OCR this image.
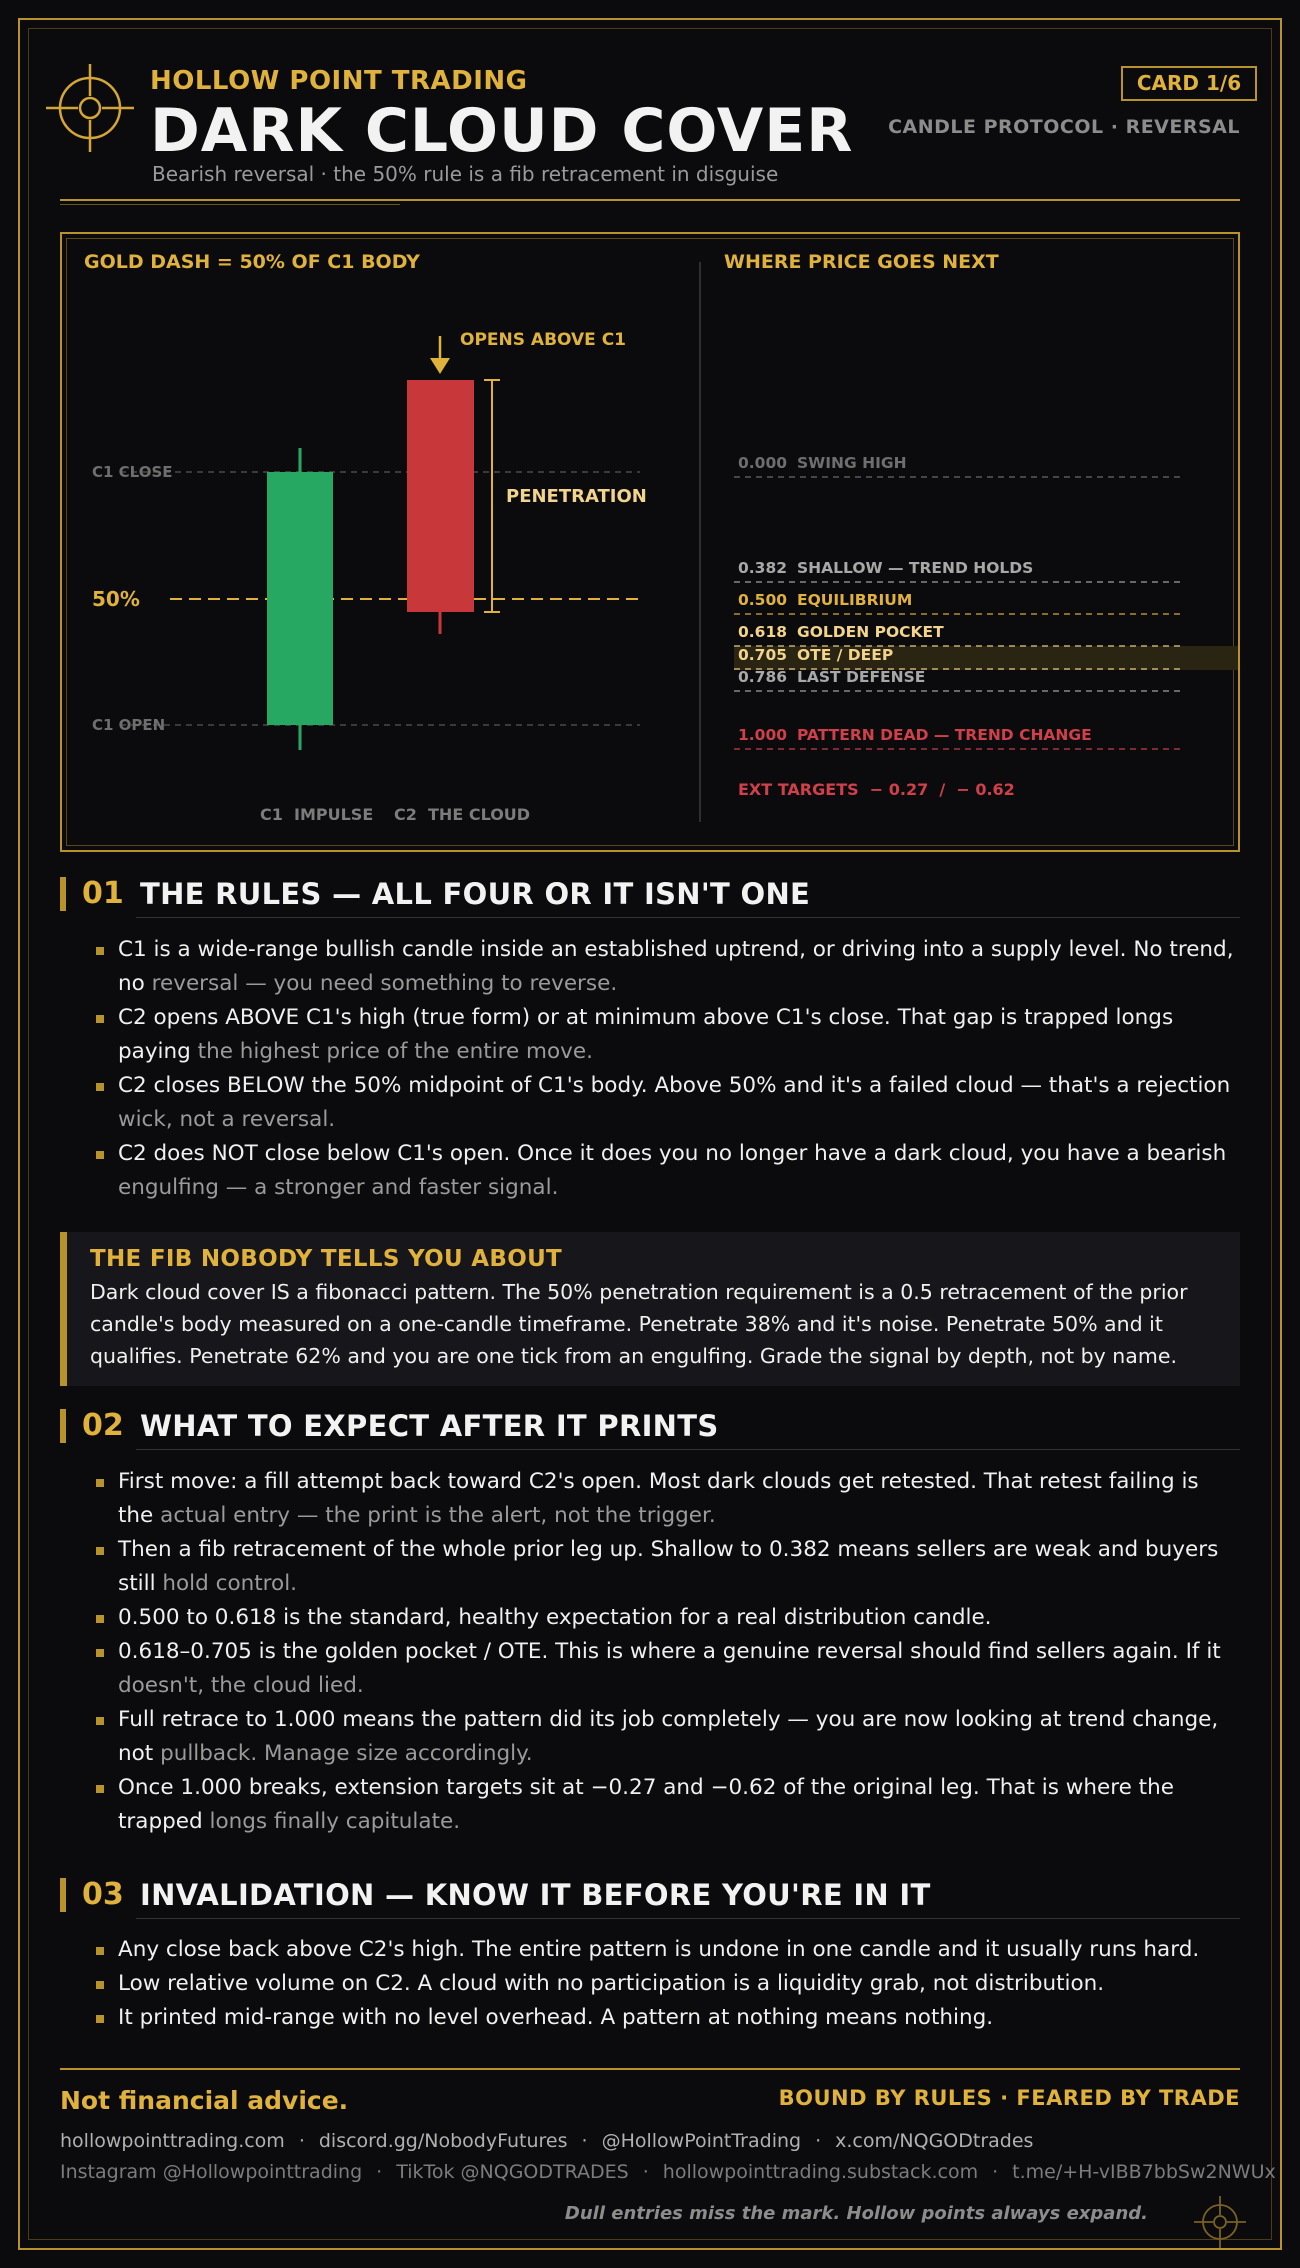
HOLLOW POINT TRADING
DARK CLOUD COVER
Bearish reversal · the 50% rule is a fib retracement in disguise
CARD 1/6
CANDLE PROTOCOL · REVERSAL
GOLD DASH = 50% OF C1 BODY	WHERE PRICE GOES NEXT
C1 CLOSE
C1 OPEN
50%
OPENS ABOVE C1
PENETRATION
C1  IMPULSE C2  THE CLOUD
0.000 SWING HIGH
0.382 SHALLOW — TREND HOLDS
0.500 EQUILIBRIUM
0.618 GOLDEN POCKET
0.705 OTE / DEEP
0.786 LAST DEFENSE
1.000 PATTERN DEAD — TREND CHANGE
EXT TARGETS  − 0.27  /  − 0.62
01 THE RULES — ALL FOUR OR IT ISN'T ONE
C1 is a wide-range bullish candle inside an established uptrend, or driving into a supply level. No trend, no reversal — you need something to reverse.
C2 opens ABOVE C1's high (true form) or at minimum above C1's close. That gap is trapped longs paying the highest price of the entire move.
C2 closes BELOW the 50% midpoint of C1's body. Above 50% and it's a failed cloud — that's a rejection wick, not a reversal.
C2 does NOT close below C1's open. Once it does you no longer have a dark cloud, you have a bearish engulfing — a stronger and faster signal.
THE FIB NOBODY TELLS YOU ABOUT
Dark cloud cover IS a fibonacci pattern. The 50% penetration requirement is a 0.5 retracement of the prior candle's body measured on a one-candle timeframe. Penetrate 38% and it's noise. Penetrate 50% and it qualifies. Penetrate 62% and you are one tick from an engulfing. Grade the signal by depth, not by name.
02 WHAT TO EXPECT AFTER IT PRINTS
First move: a fill attempt back toward C2's open. Most dark clouds get retested. That retest failing is the actual entry — the print is the alert, not the trigger.
Then a fib retracement of the whole prior leg up. Shallow to 0.382 means sellers are weak and buyers still hold control.
0.500 to 0.618 is the standard, healthy expectation for a real distribution candle.
0.618–0.705 is the golden pocket / OTE. This is where a genuine reversal should find sellers again. If it doesn't, the cloud lied.
Full retrace to 1.000 means the pattern did its job completely — you are now looking at trend change, not pullback. Manage size accordingly.
Once 1.000 breaks, extension targets sit at −0.27 and −0.62 of the original leg. That is where the trapped longs finally capitulate.
03 INVALIDATION — KNOW IT BEFORE YOU'RE IN IT
Any close back above C2's high. The entire pattern is undone in one candle and it usually runs hard.
Low relative volume on C2. A cloud with no participation is a liquidity grab, not distribution.
It printed mid-range with no level overhead. A pattern at nothing means nothing.
Not financial advice.	BOUND BY RULES · FEARED BY TRADE
hollowpointtrading.com · discord.gg/NobodyFutures · @HollowPointTrading · x.com/NQGODtrades
Instagram @Hollowpointtrading · TikTok @NQGODTRADES · hollowpointtrading.substack.com · t.me/+H-vIBB7bbSw2NWUx
Dull entries miss the mark. Hollow points always expand.
